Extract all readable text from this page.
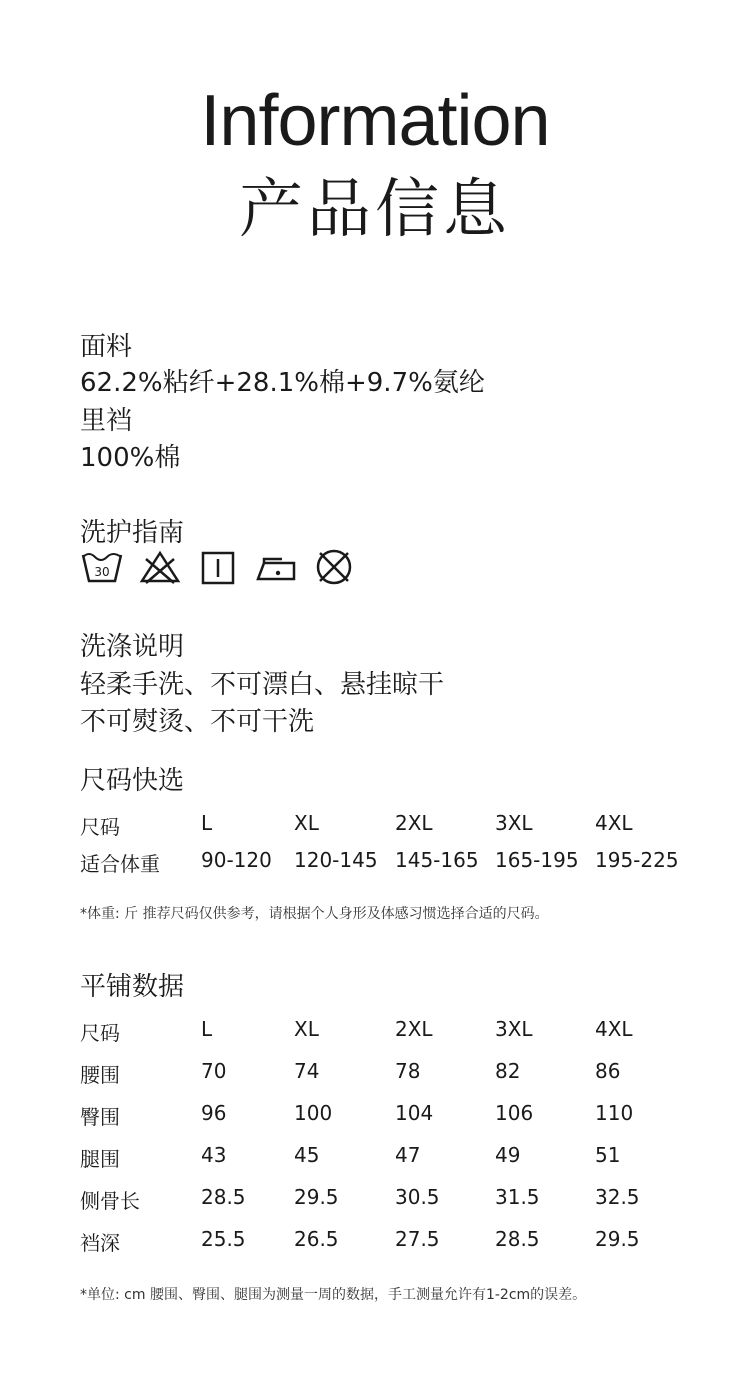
Information
产品信息
面料
62.2%粘纤+28.1%棉+9.7%氨纶
里裆
100%棉
洗护指南
30
洗涤说明
轻柔手洗、不可漂白、悬挂晾干
不可熨烫、不可干洗
尺码快选
尺码	L	XL	2XL	3XL	4XL
适合体重 90-120 120-145 145-165 165-195 195-225
*体重: 斤 推荐尺码仅供参考，请根据个人身形及体感习惯选择合适的尺码。
平铺数据
尺码	L	XL	2XL	3XL	4XL
腰围	70	74	78	82	86
臀围	96	100	104	106	110
腿围	43	45	47	49	51
侧骨长	28.5 29.5	30.5	31.5	32.5
裆深	25.5 26.5	27.5	28.5	29.5
*单位: cm 腰围、臀围、腿围为测量一周的数据，手工测量允许有1-2cm的误差。
